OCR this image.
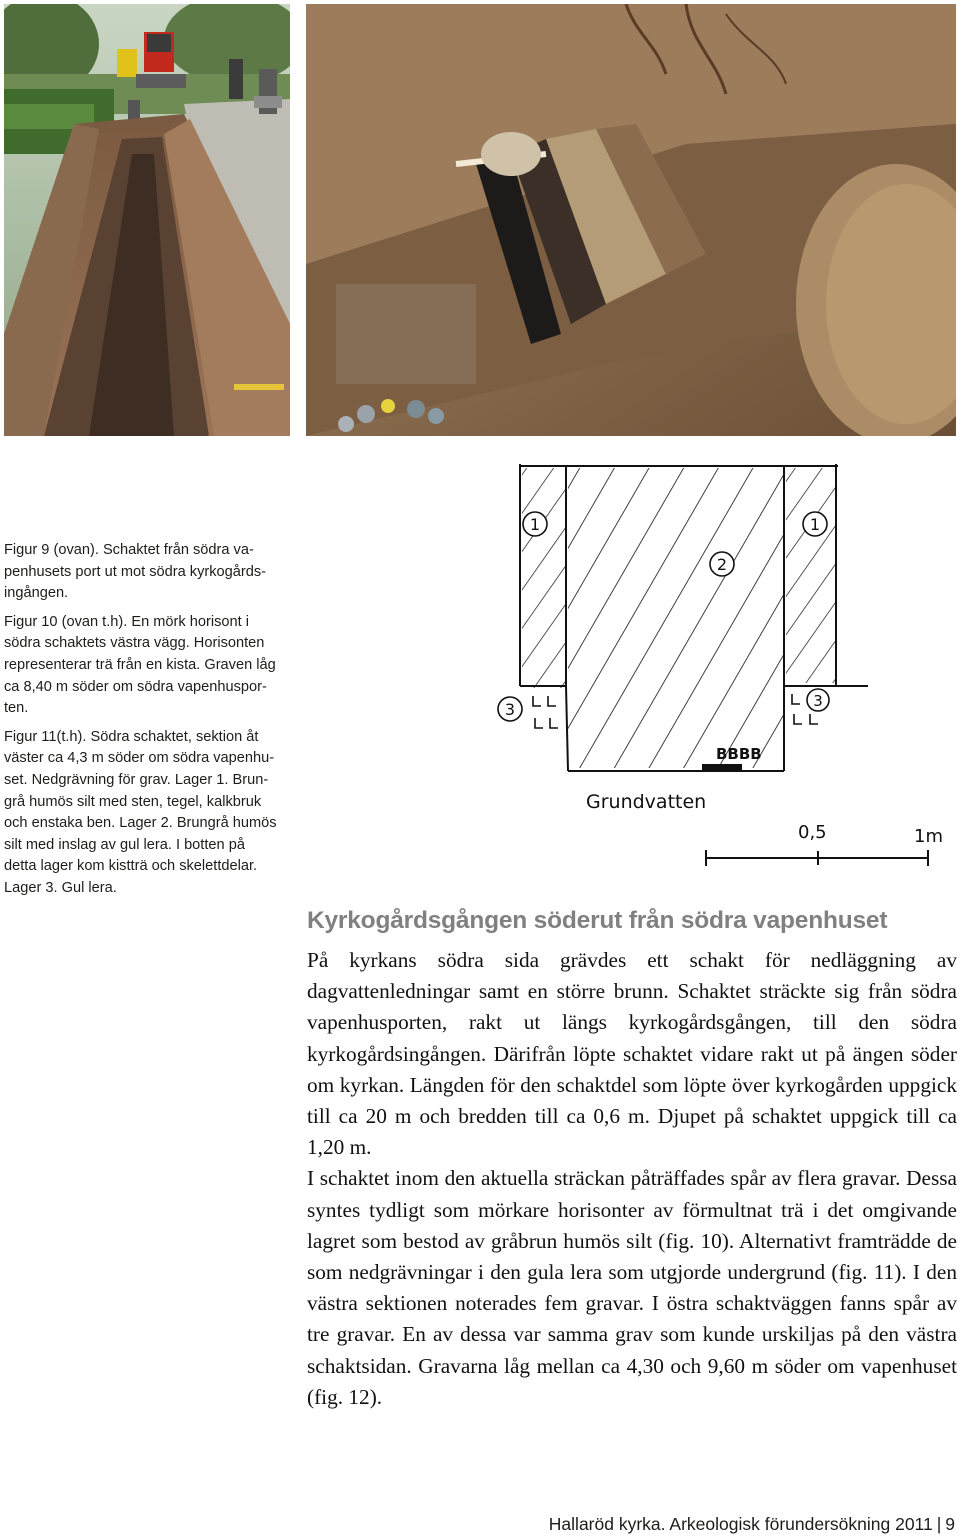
1	1
2
3	3
BBBB
Grundvatten
0,5	1m

Figur 9 (ovan). Schaktet från södra va-
penhusets port ut mot södra kyrkogårds-
ingången.

Figur 10 (ovan t.h). En mörk horisont i
södra schaktets västra vägg. Horisonten
representerar trä från en kista. Graven låg
ca 8,40 m söder om södra vapenhuspor-
ten.

Figur 11(t.h). Södra schaktet, sektion åt
väster ca 4,3 m söder om södra vapenhu-
set. Nedgrävning för grav. Lager 1. Brun-
grå humös silt med sten, tegel, kalkbruk
och enstaka ben. Lager 2. Brungrå humös
silt med inslag av gul lera. I botten på
detta lager kom kistträ och skelettdelar.
Lager 3. Gul lera.

Kyrkogårdsgången söderut från södra vapenhuset
På kyrkans södra sida grävdes ett schakt för nedläggning av dagvattenledningar samt en större brunn. Schaktet sträckte sig från södra vapenhusporten, rakt ut längs kyrkogårdsgången, till den södra kyrkogårdsingången. Därifrån löpte schaktet vidare rakt ut på ängen söder om kyrkan. Längden för den schaktdel som löpte över kyrkogården uppgick till ca 20 m och bredden till ca 0,6 m. Djupet på schaktet uppgick till ca 1,20 m.
I schaktet inom den aktuella sträckan påträffades spår av flera gravar. Dessa syntes tydligt som mörkare horisonter av förmultnat trä i det omgivande lagret som bestod av gråbrun humös silt (fig. 10). Alternativt framträdde de som nedgrävningar i den gula lera som utgjorde undergrund (fig. 11). I den västra sektionen noterades fem gravar. I östra schaktväggen fanns spår av tre gravar. En av dessa var samma grav som kunde urskiljas på den västra schaktsidan. Gravarna låg mellan ca 4,30 och 9,60 m söder om vapenhuset (fig. 12).
Hallaröd kyrka. Arkeologisk förundersökning 2011 | 9
